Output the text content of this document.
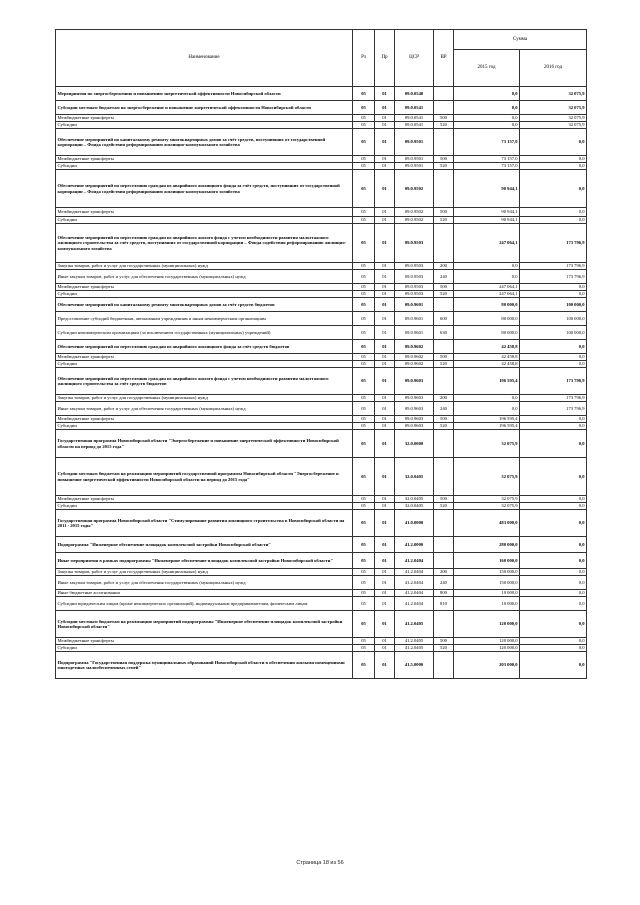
Наименование	Рз	Пр	ЦСР	ВР	Сумма	
					2015 год	2016 год
Мероприятия по энергосбережению и повышению энергетической эффективности Новосибирской области	05	01	09.0.0540		0,0	32 075,9
Субсидии местным бюджетам на энергосбережение и повышение энергетической эффективности Новосибирской области	05	01	09.0.0541		0,0	32 075,9
Межбюджетные трансферты	05	01	09.0.0541	500	0,0	32 075,9
Субсидии	05	01	09.0.0541	520	0,0	32 075,9
Обеспечение мероприятий по капитальному ремонту многоквартирных домов за счёт средств, поступивших от государственной корпорации – Фонда содействия реформированию жилищно-коммунального хозяйства	05	01	09.0.9501		73 157,0	0,0
Межбюджетные трансферты	05	01	09.0.9501	500	73 157,0	0,0
Субсидии	05	01	09.0.9501	520	73 157,0	0,0
Обеспечение мероприятий по переселению граждан из аварийного жилищного фонда за счёт средств, поступивших от государственной корпорации – Фонда содействия реформированию жилищно-коммунального хозяйства	05	01	09.0.9502		90 944,1	0,0
Межбюджетные трансферты	05	01	09.0.9502	500	90 944,1	0,0
Субсидии	05	01	09.0.9502	520	90 944,1	0,0
Обеспечение мероприятий по переселению граждан из аварийного жилого фонда с учетом необходимости развития малоэтажного жилищного строительства за счёт средств, поступивших от государственной корпорации – Фонда содействия реформированию жилищно-коммунального хозяйства	05	01	09.0.9503		247 064,1	173 796,9
Закупка товаров, работ и услуг для государственных (муниципальных) нужд	05	01	09.0.9503	200	0,0	173 796,9
Иные закупки товаров, работ и услуг для обеспечения государственных (муниципальных) нужд	05	01	09.0.9503	240	0,0	173 796,9
Межбюджетные трансферты	05	01	09.0.9503	500	247 064,1	0,0
Субсидии	05	01	09.0.9503	520	247 064,1	0,0
Обеспечение мероприятий по капитальному ремонту многоквартирных домов за счёт средств бюджетов	05	01	09.0.9601		80 000,0	100 000,0
Предоставление субсидий бюджетным, автономным учреждениям и иным некоммерческим организациям	05	01	09.0.9601	600	80 000,0	100 000,0
Субсидии некоммерческим организациям (за исключением государственных (муниципальных) учреждений)	05	01	09.0.9601	630	80 000,0	100 000,0
Обеспечение мероприятий по переселению граждан из аварийного жилищного фонда за счёт средств бюджетов	05	01	09.0.9602		42 458,8	0,0
Межбюджетные трансферты	05	01	09.0.9602	500	42 458,8	0,0
Субсидии	05	01	09.0.9602	520	42 458,8	0,0
Обеспечение мероприятий по переселению граждан из аварийного жилого фонда с учетом необходимости развития малоэтажного жилищного строительства за счёт средств бюджетов	05	01	09.0.9603		196 595,4	173 796,9
Закупка товаров, работ и услуг для государственных (муниципальных) нужд	05	01	09.0.9603	200	0,0	173 796,9
Иные закупки товаров, работ и услуг для обеспечения государственных (муниципальных) нужд	05	01	09.0.9603	240	0,0	173 796,9
Межбюджетные трансферты	05	01	09.0.9603	500	196 595,4	0,0
Субсидии	05	01	09.0.9603	520	196 595,4	0,0
Государственная программа Новосибирской области "Энергосбережение и повышение энергетической эффективности Новосибирской области на период до 2015 года"	05	01	32.0.0000		32 075,9	0,0
Субсидии местным бюджетам на реализацию мероприятий государственной программы Новосибирской области "Энергосбережение и повышение энергетической эффективности Новосибирской области на период до 2015 года"	05	01	32.0.0405		32 075,9	0,0
Межбюджетные трансферты	05	01	32.0.0405	500	32 075,9	0,0
Субсидии	05	01	32.0.0405	520	32 075,9	0,0
Государственная программа Новосибирской области "Стимулирование развития жилищного строительства в Новосибирской области на 2011 - 2015 годы"	05	01	41.0.0000		483 000,0	0,0
Подпрограмма "Инженерное обеспечение площадок комплексной застройки Новосибирской области"	05	01	41.2.0000		280 000,0	0,0
Иные мероприятия в рамках подпрограммы "Инженерное обеспечение площадок комплексной застройки Новосибирской области"	05	01	41.2.0404		160 000,0	0,0
Закупка товаров, работ и услуг для государственных (муниципальных) нужд	05	01	41.2.0404	200	150 000,0	0,0
Иные закупки товаров, работ и услуг для обеспечения государственных (муниципальных) нужд	05	01	41.2.0404	240	150 000,0	0,0
Иные бюджетные ассигнования	05	01	41.2.0404	800	10 000,0	0,0
Субсидии юридическим лицам (кроме некоммерческих организаций), индивидуальным предпринимателям, физическим лицам	05	01	41.2.0404	810	10 000,0	0,0
Субсидии местным бюджетам на реализацию мероприятий подпрограммы "Инженерное обеспечение площадок комплексной застройки Новосибирской области"	05	01	41.2.0405		120 000,0	0,0
Межбюджетные трансферты	05	01	41.2.0405	500	120 000,0	0,0
Субсидии	05	01	41.2.0405	520	120 000,0	0,0
Подпрограмма "Государственная поддержка муниципальных образований Новосибирской области в обеспечении жилыми помещениями многодетных малообеспеченных семей"	05	01	41.5.0000		203 000,0	0,0
Страница 18 из 56
